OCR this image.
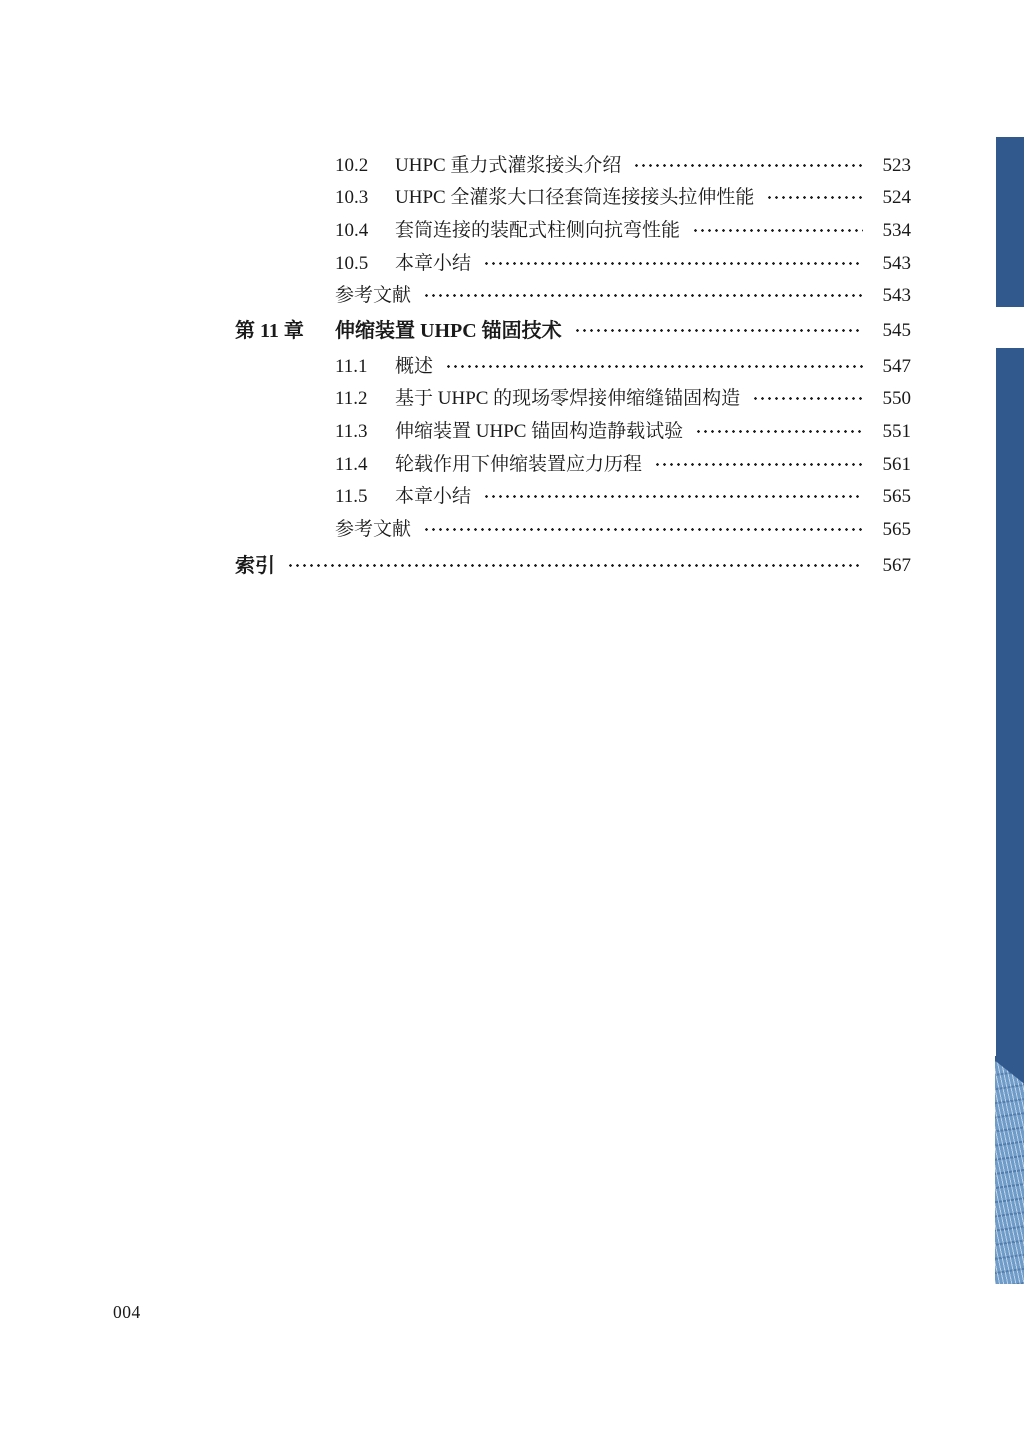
10.2	UHPC 重力式灌浆接头介绍	523
10.3	UHPC 全灌浆大口径套筒连接接头拉伸性能	524
10.4	套筒连接的装配式柱侧向抗弯性能	534
10.5	本章小结	543
参考文献	543
第 11 章	伸缩装置 UHPC 锚固技术	545
11.1	概述	547
11.2	基于 UHPC 的现场零焊接伸缩缝锚固构造	550
11.3	伸缩装置 UHPC 锚固构造静载试验	551
11.4	轮载作用下伸缩装置应力历程	561
11.5	本章小结	565
参考文献	565
索引	567
004
